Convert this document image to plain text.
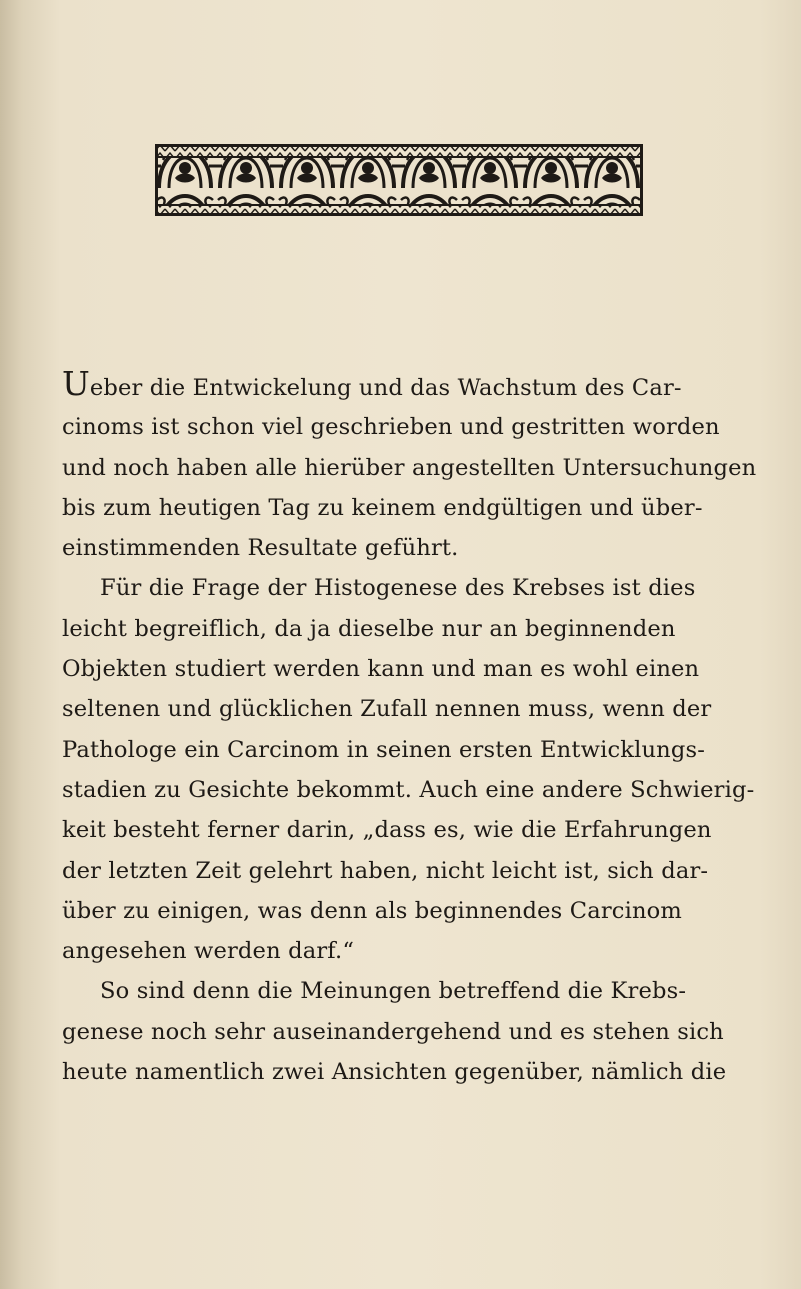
Ueber die Entwickelung und das Wachstum des Car-
cinoms ist schon viel geschrieben und gestritten worden
und noch haben alle hierüber angestellten Untersuchungen
bis zum heutigen Tag zu keinem endgültigen und über-
einstimmenden Resultate geführt.
Für die Frage der Histogenese des Krebses ist dies
leicht begreiflich, da ja dieselbe nur an beginnenden
Objekten studiert werden kann und man es wohl einen
seltenen und glücklichen Zufall nennen muss, wenn der
Pathologe ein Carcinom in seinen ersten Entwicklungs-
stadien zu Gesichte bekommt. Auch eine andere Schwierig-
keit besteht ferner darin, „dass es, wie die Erfahrungen
der letzten Zeit gelehrt haben, nicht leicht ist, sich dar-
über zu einigen, was denn als beginnendes Carcinom
angesehen werden darf.“
So sind denn die Meinungen betreffend die Krebs-
genese noch sehr auseinandergehend und es stehen sich
heute namentlich zwei Ansichten gegenüber, nämlich die
